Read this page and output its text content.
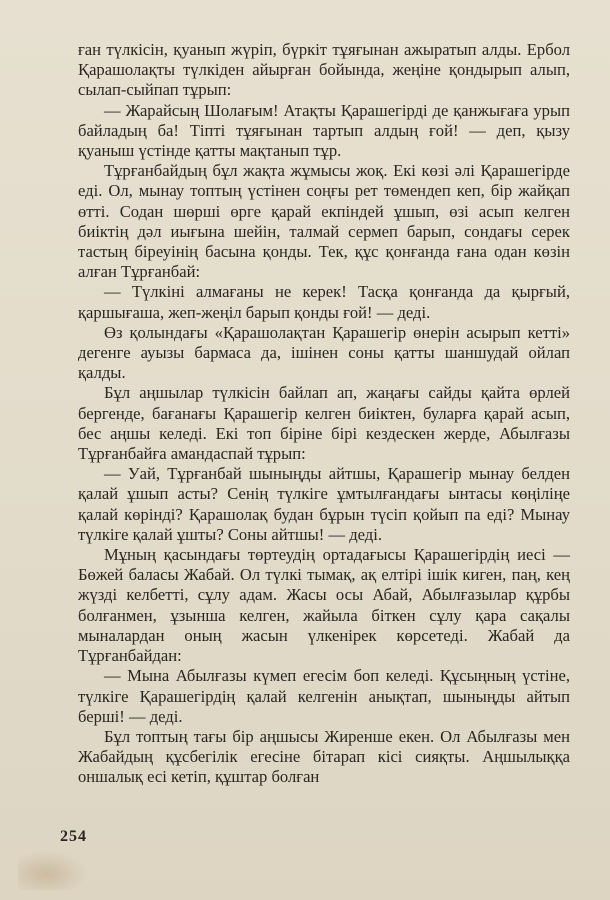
ған түлкісін, қуанып жүріп, бүркіт тұяғынан ажыратып алды. Ербол Қарашолақты түлкіден айырған бойында, жеңіне қондырып алып, сылап-сыйпап тұрып:

— Жарайсың Шолағым! Атақты Қарашегірді де қанжығаға урып байладың ба! Тіпті тұяғынан тартып алдың ғой! — деп, қызу қуаныш үстінде қатты мақтанып тұр.

Тұрғанбайдың бұл жақта жұмысы жоқ. Екі көзі әлі Қарашегірде еді. Ол, мынау топтың үстінен соңғы рет төмендеп кеп, бір жайқап өтті. Содан шөрші өрге қарай екпіндей ұшып, өзі асып келген биіктің дәл иығына шейін, талмай сермеп барып, сондағы серек тастың біреуінің басына қонды. Тек, құс қонғанда ғана одан көзін алған Тұрғанбай:

— Түлкіні алмағаны не керек! Тасқа қонғанда да қырғый, қаршығаша, жеп-жеңіл барып қонды ғой! — деді.

Өз қолындағы «Қарашолақтан Қарашегір өнерін асырып кетті» дегенге ауызы бармаса да, ішінен соны қатты шаншудай ойлап қалды.

Бұл аңшылар түлкісін байлап ап, жаңағы сайды қайта өрлей бергенде, бағанағы Қарашегір келген биіктен, буларға қарай асып, бес аңшы келеді. Екі топ біріне бірі кездескен жерде, Абылғазы Тұрғанбайға амандаспай тұрып:

— Уай, Тұрғанбай шыныңды айтшы, Қарашегір мынау белден қалай ұшып асты? Сенің түлкіге ұмтылғандағы ынтасы көңіліңе қалай көрінді? Қарашолақ будан бұрын түсіп қойып па еді? Мынау түлкіге қалай ұшты? Соны айтшы! — деді.

Мұның қасындағы төртеудің ортадағысы Қарашегірдің иесі — Бөжей баласы Жабай. Ол түлкі тымақ, ақ елтірі ішік киген, паң, кең жүзді келбетті, сұлу адам. Жасы осы Абай, Абылғазылар құрбы болғанмен, ұзынша келген, жайыла біткен сұлу қара сақалы мыналардан оның жасын үлкенірек көрсетеді. Жабай да Тұрғанбайдан:

— Мына Абылғазы күмеп егесім боп келеді. Құсыңның үстіне, түлкіге Қарашегірдің қалай келгенін анықтап, шыныңды айтып берші! — деді.

Бұл топтың тағы бір аңшысы Жиренше екен. Ол Абылғазы мен Жабайдың құсбегілік егесіне бітарап кісі сияқты. Аңшылыққа оншалық есі кетіп, құштар болған

254
